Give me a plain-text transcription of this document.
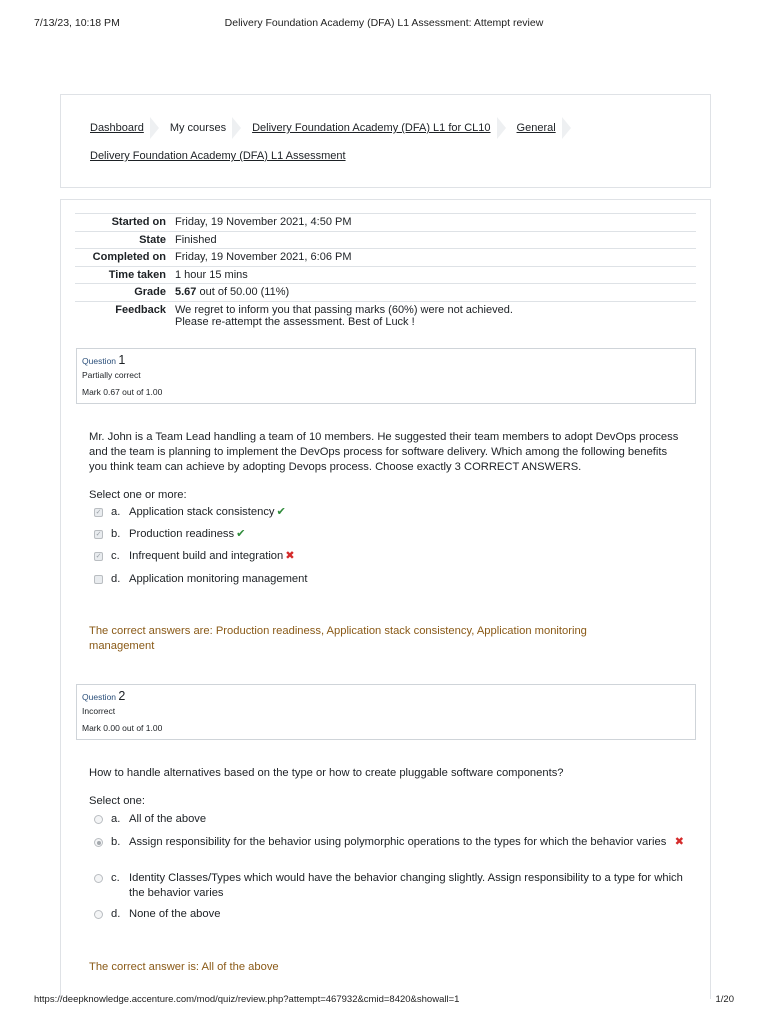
7/13/23, 10:18 PM	Delivery Foundation Academy (DFA) L1 Assessment: Attempt review
Dashboard My courses Delivery Foundation Academy (DFA) L1 for CL10 General
Delivery Foundation Academy (DFA) L1 Assessment
Started on	Friday, 19 November 2021, 4:50 PM
State	Finished
Completed on	Friday, 19 November 2021, 6:06 PM
Time taken	1 hour 15 mins
Grade	5.67 out of 50.00 (11%)
Feedback	We regret to inform you that passing marks (60%) were not achieved.
Please re-attempt the assessment. Best of Luck !
Question 1
Partially correct
Mark 0.67 out of 1.00
Mr. John is a Team Lead handling a team of 10 members. He suggested their team members to adopt DevOps process and the team is planning to implement the DevOps process for software delivery. Which among the following benefits you think team can achieve by adopting Devops process. Choose exactly 3 CORRECT ANSWERS.
Select one or more:
✓ a. Application stack consistency ✔
✓ b. Production readiness ✔
✓ c. Infrequent build and integration ✖
d. Application monitoring management
The correct answers are: Production readiness, Application stack consistency, Application monitoring management
Question 2
Incorrect
Mark 0.00 out of 1.00
How to handle alternatives based on the type or how to create pluggable software components?
Select one:
a. All of the above
b. Assign responsibility for the behavior using polymorphic operations to the types for which the behavior varies ✖
c. Identity Classes/Types which would have the behavior changing slightly. Assign responsibility to a type for which the behavior varies
d. None of the above
The correct answer is: All of the above
https://deepknowledge.accenture.com/mod/quiz/review.php?attempt=467932&cmid=8420&showall=1	1/20
